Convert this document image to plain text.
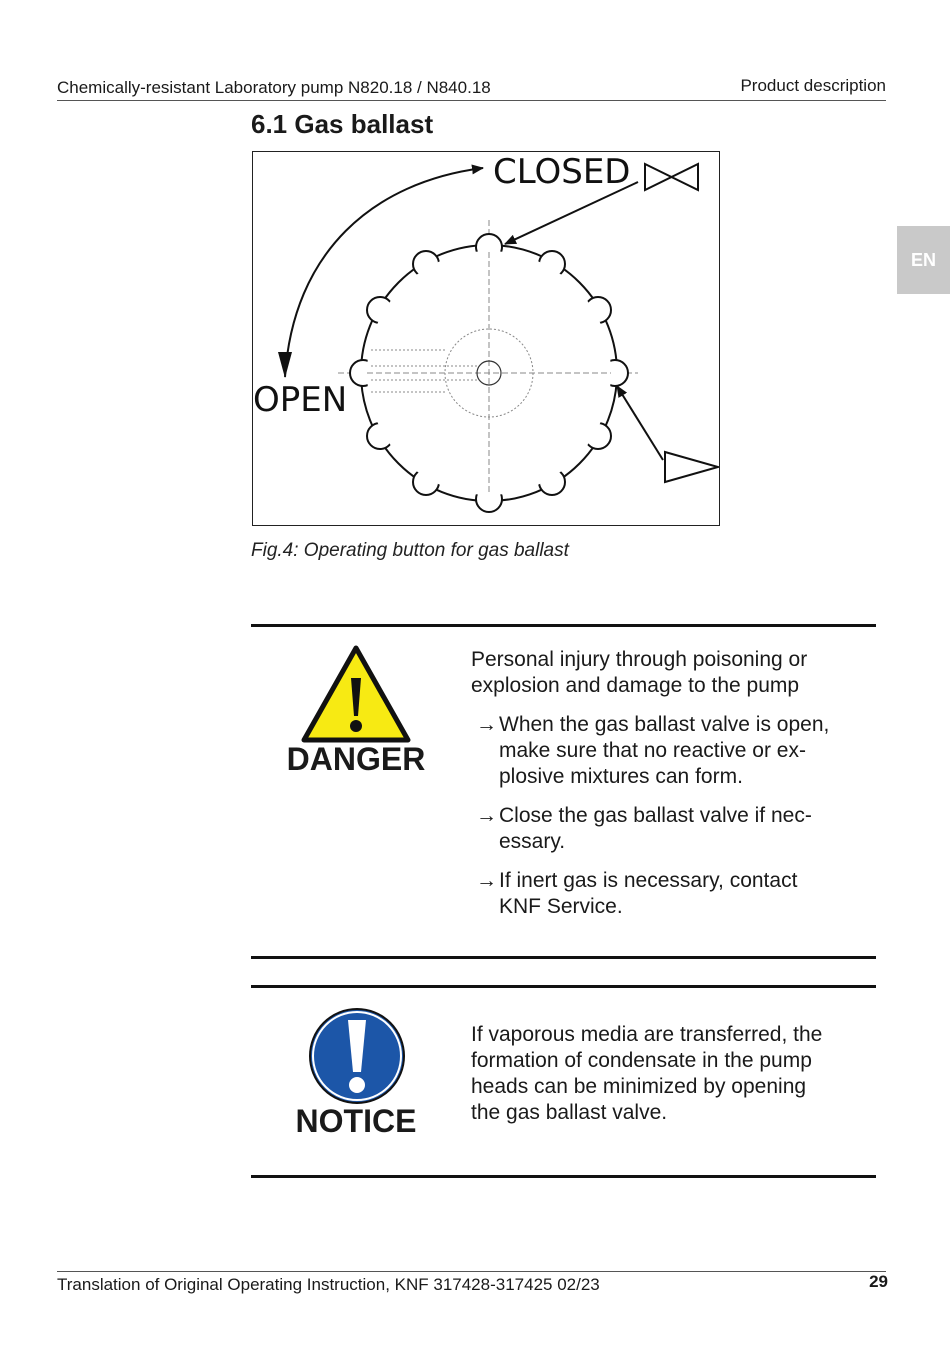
Chemically-resistant Laboratory pump N820.18 / N840.18	Product description
EN
6.1 Gas ballast
CLOSED
OPEN
Fig.4: Operating button for gas ballast
DANGER
Personal injury through poisoning or
explosion and damage to the pump
→ When the gas ballast valve is open,
make sure that no reactive or ex-
plosive mixtures can form.
→ Close the gas ballast valve if nec-
essary.
→ If inert gas is necessary, contact
KNF Service.
NOTICE
If vaporous media are transferred, the
formation of condensate in the pump
heads can be minimized by opening
the gas ballast valve.
Translation of Original Operating Instruction, KNF 317428-317425 02/23	29
